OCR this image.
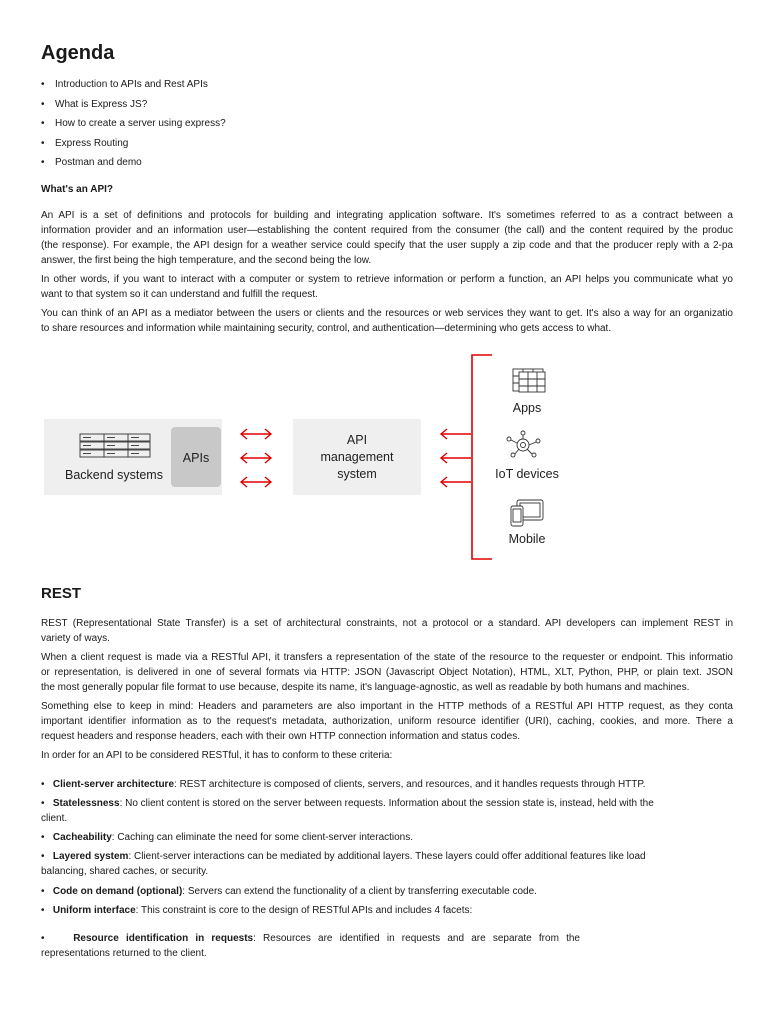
Agenda
• Introduction to APIs and Rest APIs
• What is Express JS?
• How to create a server using express?
• Express Routing
• Postman and demo
What's an API?
An API is a set of definitions and protocols for building and integrating application software. It's sometimes referred to as a contract between a
information provider and an information user—establishing the content required from the consumer (the call) and the content required by the produc
(the response). For example, the API design for a weather service could specify that the user supply a zip code and that the producer reply with a 2-pa
answer, the first being the high temperature, and the second being the low.
In other words, if you want to interact with a computer or system to retrieve information or perform a function, an API helps you communicate what yo
want to that system so it can understand and fulfill the request.
You can think of an API as a mediator between the users or clients and the resources or web services they want to get. It's also a way for an organizatio
to share resources and information while maintaining security, control, and authentication—determining who gets access to what.
Backend systems
APIs
API
management
system
Apps
IoT devices
Mobile
REST
REST (Representational State Transfer) is a set of architectural constraints, not a protocol or a standard. API developers can implement REST in
variety of ways.
When a client request is made via a RESTful API, it transfers a representation of the state of the resource to the requester or endpoint. This informatio
or representation, is delivered in one of several formats via HTTP: JSON (Javascript Object Notation), HTML, XLT, Python, PHP, or plain text. JSON
the most generally popular file format to use because, despite its name, it's language-agnostic, as well as readable by both humans and machines.
Something else to keep in mind: Headers and parameters are also important in the HTTP methods of a RESTful API HTTP request, as they conta
important identifier information as to the request's metadata, authorization, uniform resource identifier (URI), caching, cookies, and more. There a
request headers and response headers, each with their own HTTP connection information and status codes.
In order for an API to be considered RESTful, it has to conform to these criteria:
•   Client-server architecture: REST architecture is composed of clients, servers, and resources, and it handles requests through HTTP.
•   Statelessness: No client content is stored on the server between requests. Information about the session state is, instead, held with the
client.
•   Cacheability: Caching can eliminate the need for some client-server interactions.
•   Layered system: Client-server interactions can be mediated by additional layers. These layers could offer additional features like load
balancing, shared caches, or security.
•   Code on demand (optional): Servers can extend the functionality of a client by transferring executable code.
•   Uniform interface: This constraint is core to the design of RESTful APIs and includes 4 facets:
•    Resource identification in requests: Resources are identified in requests and are separate from the
representations returned to the client.
